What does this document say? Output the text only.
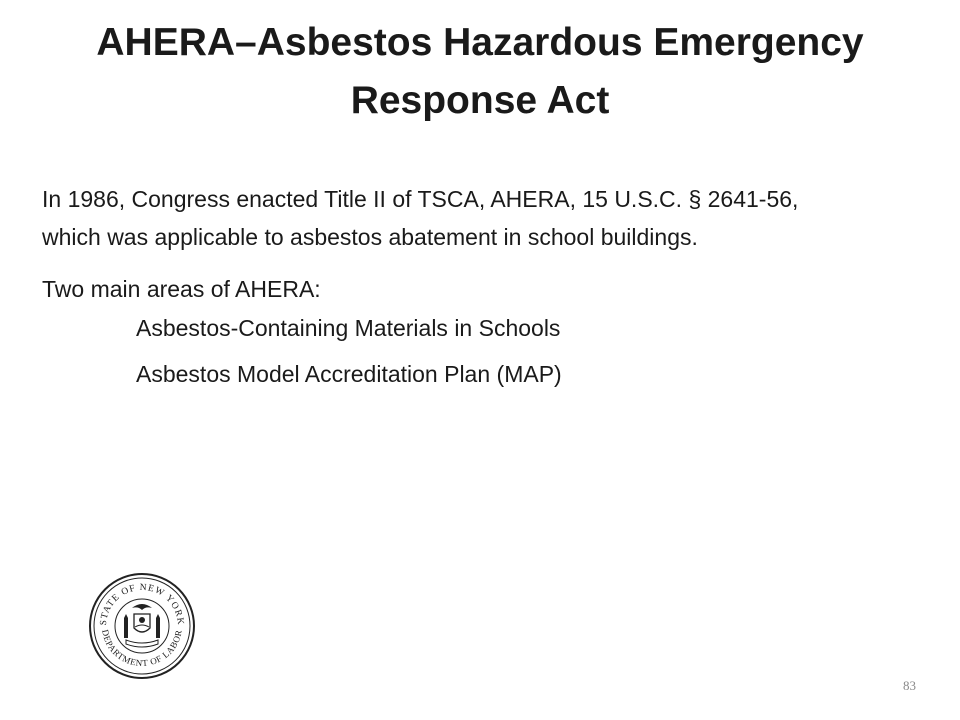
AHERA–Asbestos Hazardous Emergency Response Act

In 1986, Congress enacted Title II of TSCA, AHERA, 15 U.S.C. § 2641-56, which was applicable to asbestos abatement in school buildings.

Two main areas of AHERA:

Asbestos-Containing Materials in Schools
Asbestos Model Accreditation Plan (MAP)
STATE OF NEW YORK
DEPARTMENT OF LABOR
83
